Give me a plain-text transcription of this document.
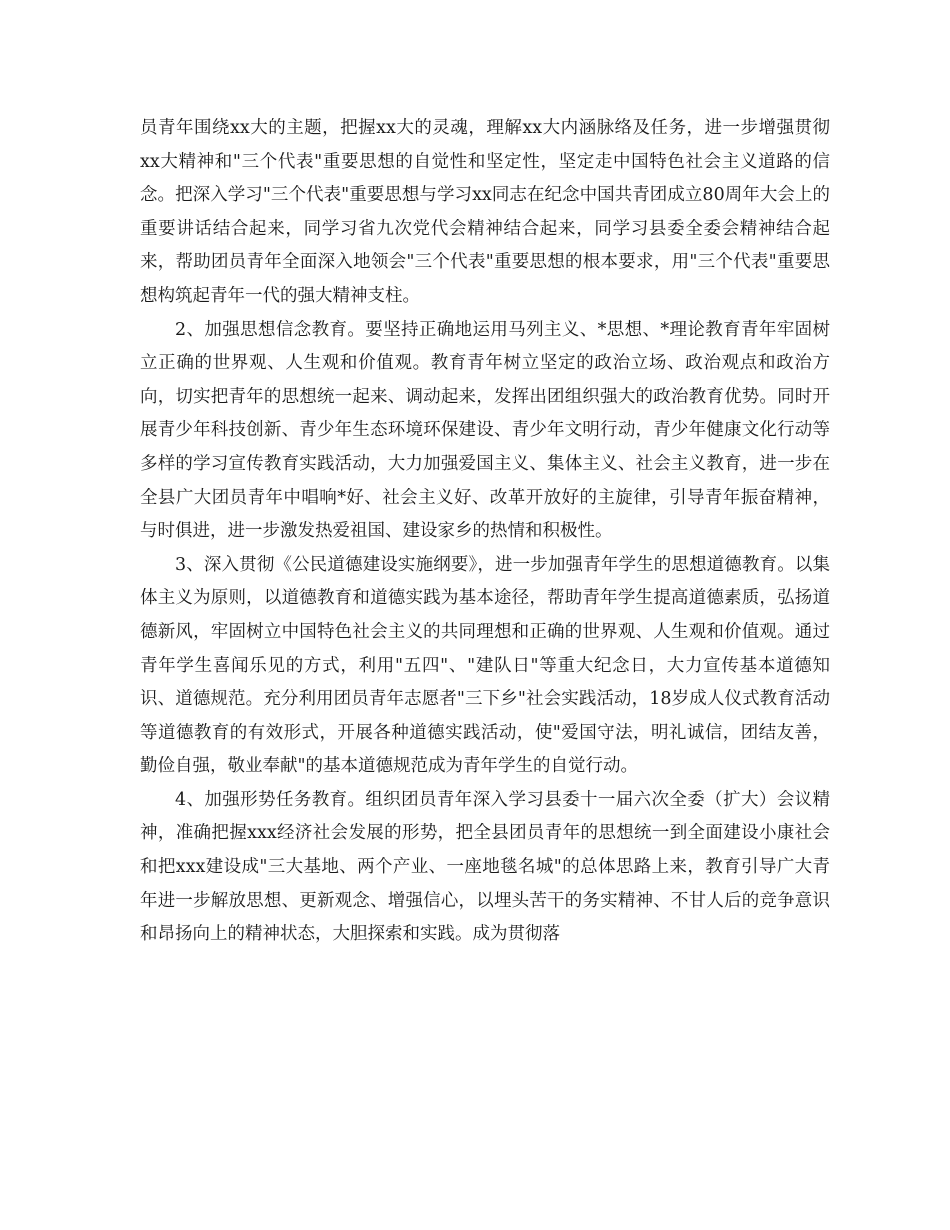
员青年围绕xx大的主题，把握xx大的灵魂，理解xx大内涵脉络及任务，进一步增强贯彻xx大精神和"三个代表"重要思想的自觉性和坚定性，坚定走中国特色社会主义道路的信念。把深入学习"三个代表"重要思想与学习xx同志在纪念中国共青团成立80周年大会上的重要讲话结合起来，同学习省九次党代会精神结合起来，同学习县委全委会精神结合起来，帮助团员青年全面深入地领会"三个代表"重要思想的根本要求，用"三个代表"重要思想构筑起青年一代的强大精神支柱。

2、加强思想信念教育。要坚持正确地运用马列主义、*思想、*理论教育青年牢固树立正确的世界观、人生观和价值观。教育青年树立坚定的政治立场、政治观点和政治方向，切实把青年的思想统一起来、调动起来，发挥出团组织强大的政治教育优势。同时开展青少年科技创新、青少年生态环境环保建设、青少年文明行动，青少年健康文化行动等多样的学习宣传教育实践活动，大力加强爱国主义、集体主义、社会主义教育，进一步在全县广大团员青年中唱响*好、社会主义好、改革开放好的主旋律，引导青年振奋精神，与时俱进，进一步激发热爱祖国、建设家乡的热情和积极性。

3、深入贯彻《公民道德建设实施纲要》，进一步加强青年学生的思想道德教育。以集体主义为原则，以道德教育和道德实践为基本途径，帮助青年学生提高道德素质，弘扬道德新风，牢固树立中国特色社会主义的共同理想和正确的世界观、人生观和价值观。通过青年学生喜闻乐见的方式，利用"五四"、"建队日"等重大纪念日，大力宣传基本道德知识、道德规范。充分利用团员青年志愿者"三下乡"社会实践活动，18岁成人仪式教育活动等道德教育的有效形式，开展各种道德实践活动，使"爱国守法，明礼诚信，团结友善，勤俭自强，敬业奉献"的基本道德规范成为青年学生的自觉行动。

4、加强形势任务教育。组织团员青年深入学习县委十一届六次全委（扩大）会议精神，准确把握xxx经济社会发展的形势，把全县团员青年的思想统一到全面建设小康社会和把xxx建设成"三大基地、两个产业、一座地毯名城"的总体思路上来，教育引导广大青年进一步解放思想、更新观念、增强信心，以埋头苦干的务实精神、不甘人后的竞争意识和昂扬向上的精神状态，大胆探索和实践。成为贯彻落
